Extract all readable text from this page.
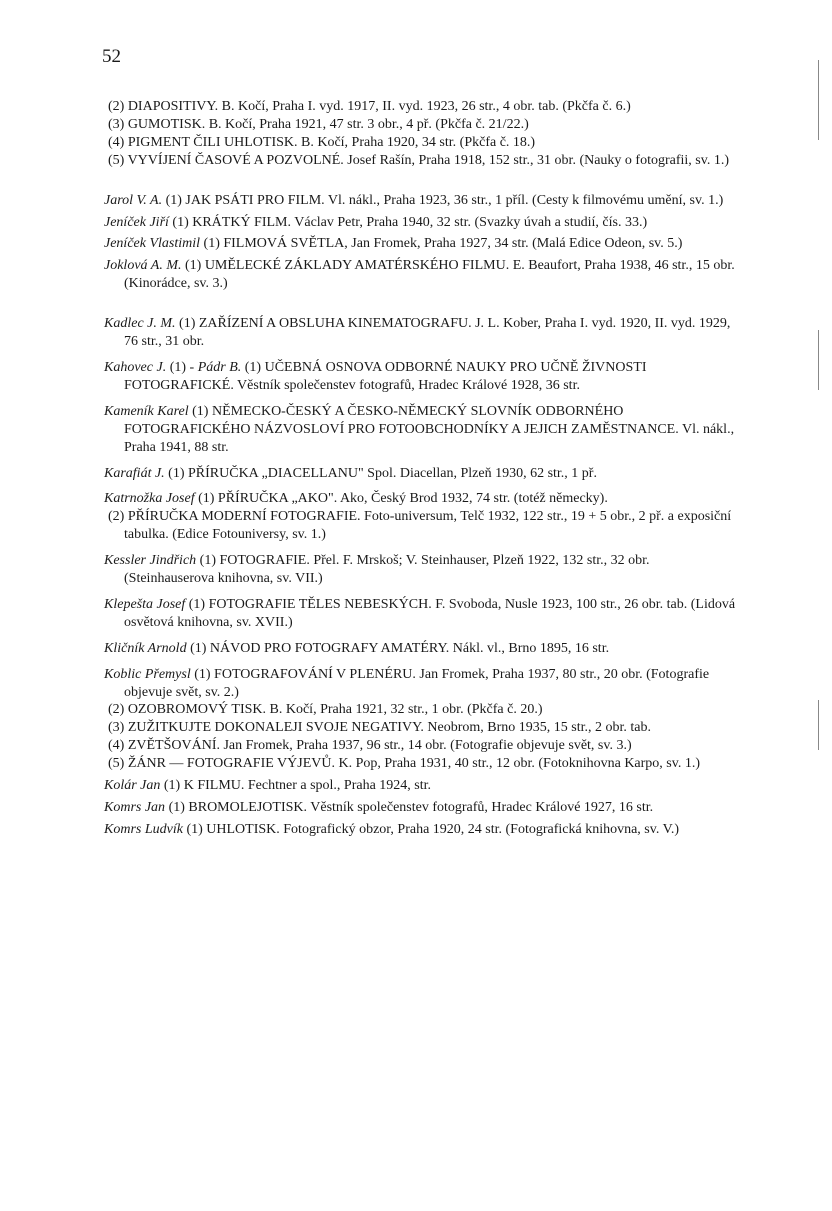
52

(2) DIAPOSITIVY. B. Kočí, Praha I. vyd. 1917, II. vyd. 1923, 26 str., 4 obr. tab. (Pkčfa č. 6.)

(3) GUMOTISK. B. Kočí, Praha 1921, 47 str. 3 obr., 4 př. (Pkčfa č. 21/22.)

(4) PIGMENT ČILI UHLOTISK. B. Kočí, Praha 1920, 34 str. (Pkčfa č. 18.)

(5) VYVÍJENÍ ČASOVÉ A POZVOLNÉ. Josef Rašín, Praha 1918, 152 str., 31 obr. (Nauky o fotografii, sv. 1.)

Jarol V. A. (1) JAK PSÁTI PRO FILM. Vl. nákl., Praha 1923, 36 str., 1 příl. (Cesty k filmovému umění, sv. 1.)

Jeníček Jiří (1) KRÁTKÝ FILM. Václav Petr, Praha 1940, 32 str. (Svazky úvah a studií, čís. 33.)

Jeníček Vlastimil (1) FILMOVÁ SVĚTLA, Jan Fromek, Praha 1927, 34 str. (Malá Edice Odeon, sv. 5.)

Joklová A. M. (1) UMĚLECKÉ ZÁKLADY AMATÉRSKÉHO FILMU. E. Beaufort, Praha 1938, 46 str., 15 obr. (Kinorádce, sv. 3.)

Kadlec J. M. (1) ZAŘÍZENÍ A OBSLUHA KINEMATOGRAFU. J. L. Kober, Praha I. vyd. 1920, II. vyd. 1929, 76 str., 31 obr.

Kahovec J. (1) - Pádr B. (1) UČEBNÁ OSNOVA ODBORNÉ NAUKY PRO UČNĚ ŽIVNOSTI FOTOGRAFICKÉ. Věstník společenstev fotografů, Hradec Králové 1928, 36 str.

Kameník Karel (1) NĚMECKO-ČESKÝ A ČESKO-NĚMECKÝ SLOVNÍK ODBORNÉHO FOTOGRAFICKÉHO NÁZVOSLOVÍ PRO FOTOOBCHODNÍKY A JEJICH ZAMĚSTNANCE. Vl. nákl., Praha 1941, 88 str.

Karafiát J. (1) PŘÍRUČKA „DIACELLANU" Spol. Diacellan, Plzeň 1930, 62 str., 1 př.

Katrnožka Josef (1) PŘÍRUČKA „AKO". Ako, Český Brod 1932, 74 str. (totéž německy).

(2) PŘÍRUČKA MODERNÍ FOTOGRAFIE. Foto-universum, Telč 1932, 122 str., 19 + 5 obr., 2 př. a exposiční tabulka. (Edice Fotouniversy, sv. 1.)

Kessler Jindřich (1) FOTOGRAFIE. Přel. F. Mrskoš; V. Steinhauser, Plzeň 1922, 132 str., 32 obr. (Steinhauserova knihovna, sv. VII.)

Klepešta Josef (1) FOTOGRAFIE TĚLES NEBESKÝCH. F. Svoboda, Nusle 1923, 100 str., 26 obr. tab. (Lidová osvětová knihovna, sv. XVII.)

Kličník Arnold (1) NÁVOD PRO FOTOGRAFY AMATÉRY. Nákl. vl., Brno 1895, 16 str.

Koblic Přemysl (1) FOTOGRAFOVÁNÍ V PLENÉRU. Jan Fromek, Praha 1937, 80 str., 20 obr. (Fotografie objevuje svět, sv. 2.)

(2) OZOBROMOVÝ TISK. B. Kočí, Praha 1921, 32 str., 1 obr. (Pkčfa č. 20.)

(3) ZUŽITKUJTE DOKONALEJI SVOJE NEGATIVY. Neobrom, Brno 1935, 15 str., 2 obr. tab.

(4) ZVĚTŠOVÁNÍ. Jan Fromek, Praha 1937, 96 str., 14 obr. (Fotografie objevuje svět, sv. 3.)

(5) ŽÁNR — FOTOGRAFIE VÝJEVŮ. K. Pop, Praha 1931, 40 str., 12 obr. (Fotoknihovna Karpo, sv. 1.)

Kolár Jan (1) K FILMU. Fechtner a spol., Praha 1924, str.

Komrs Jan (1) BROMOLEJOTISK. Věstník společenstev fotografů, Hradec Králové 1927, 16 str.

Komrs Ludvík (1) UHLOTISK. Fotografický obzor, Praha 1920, 24 str. (Fotografická knihovna, sv. V.)
